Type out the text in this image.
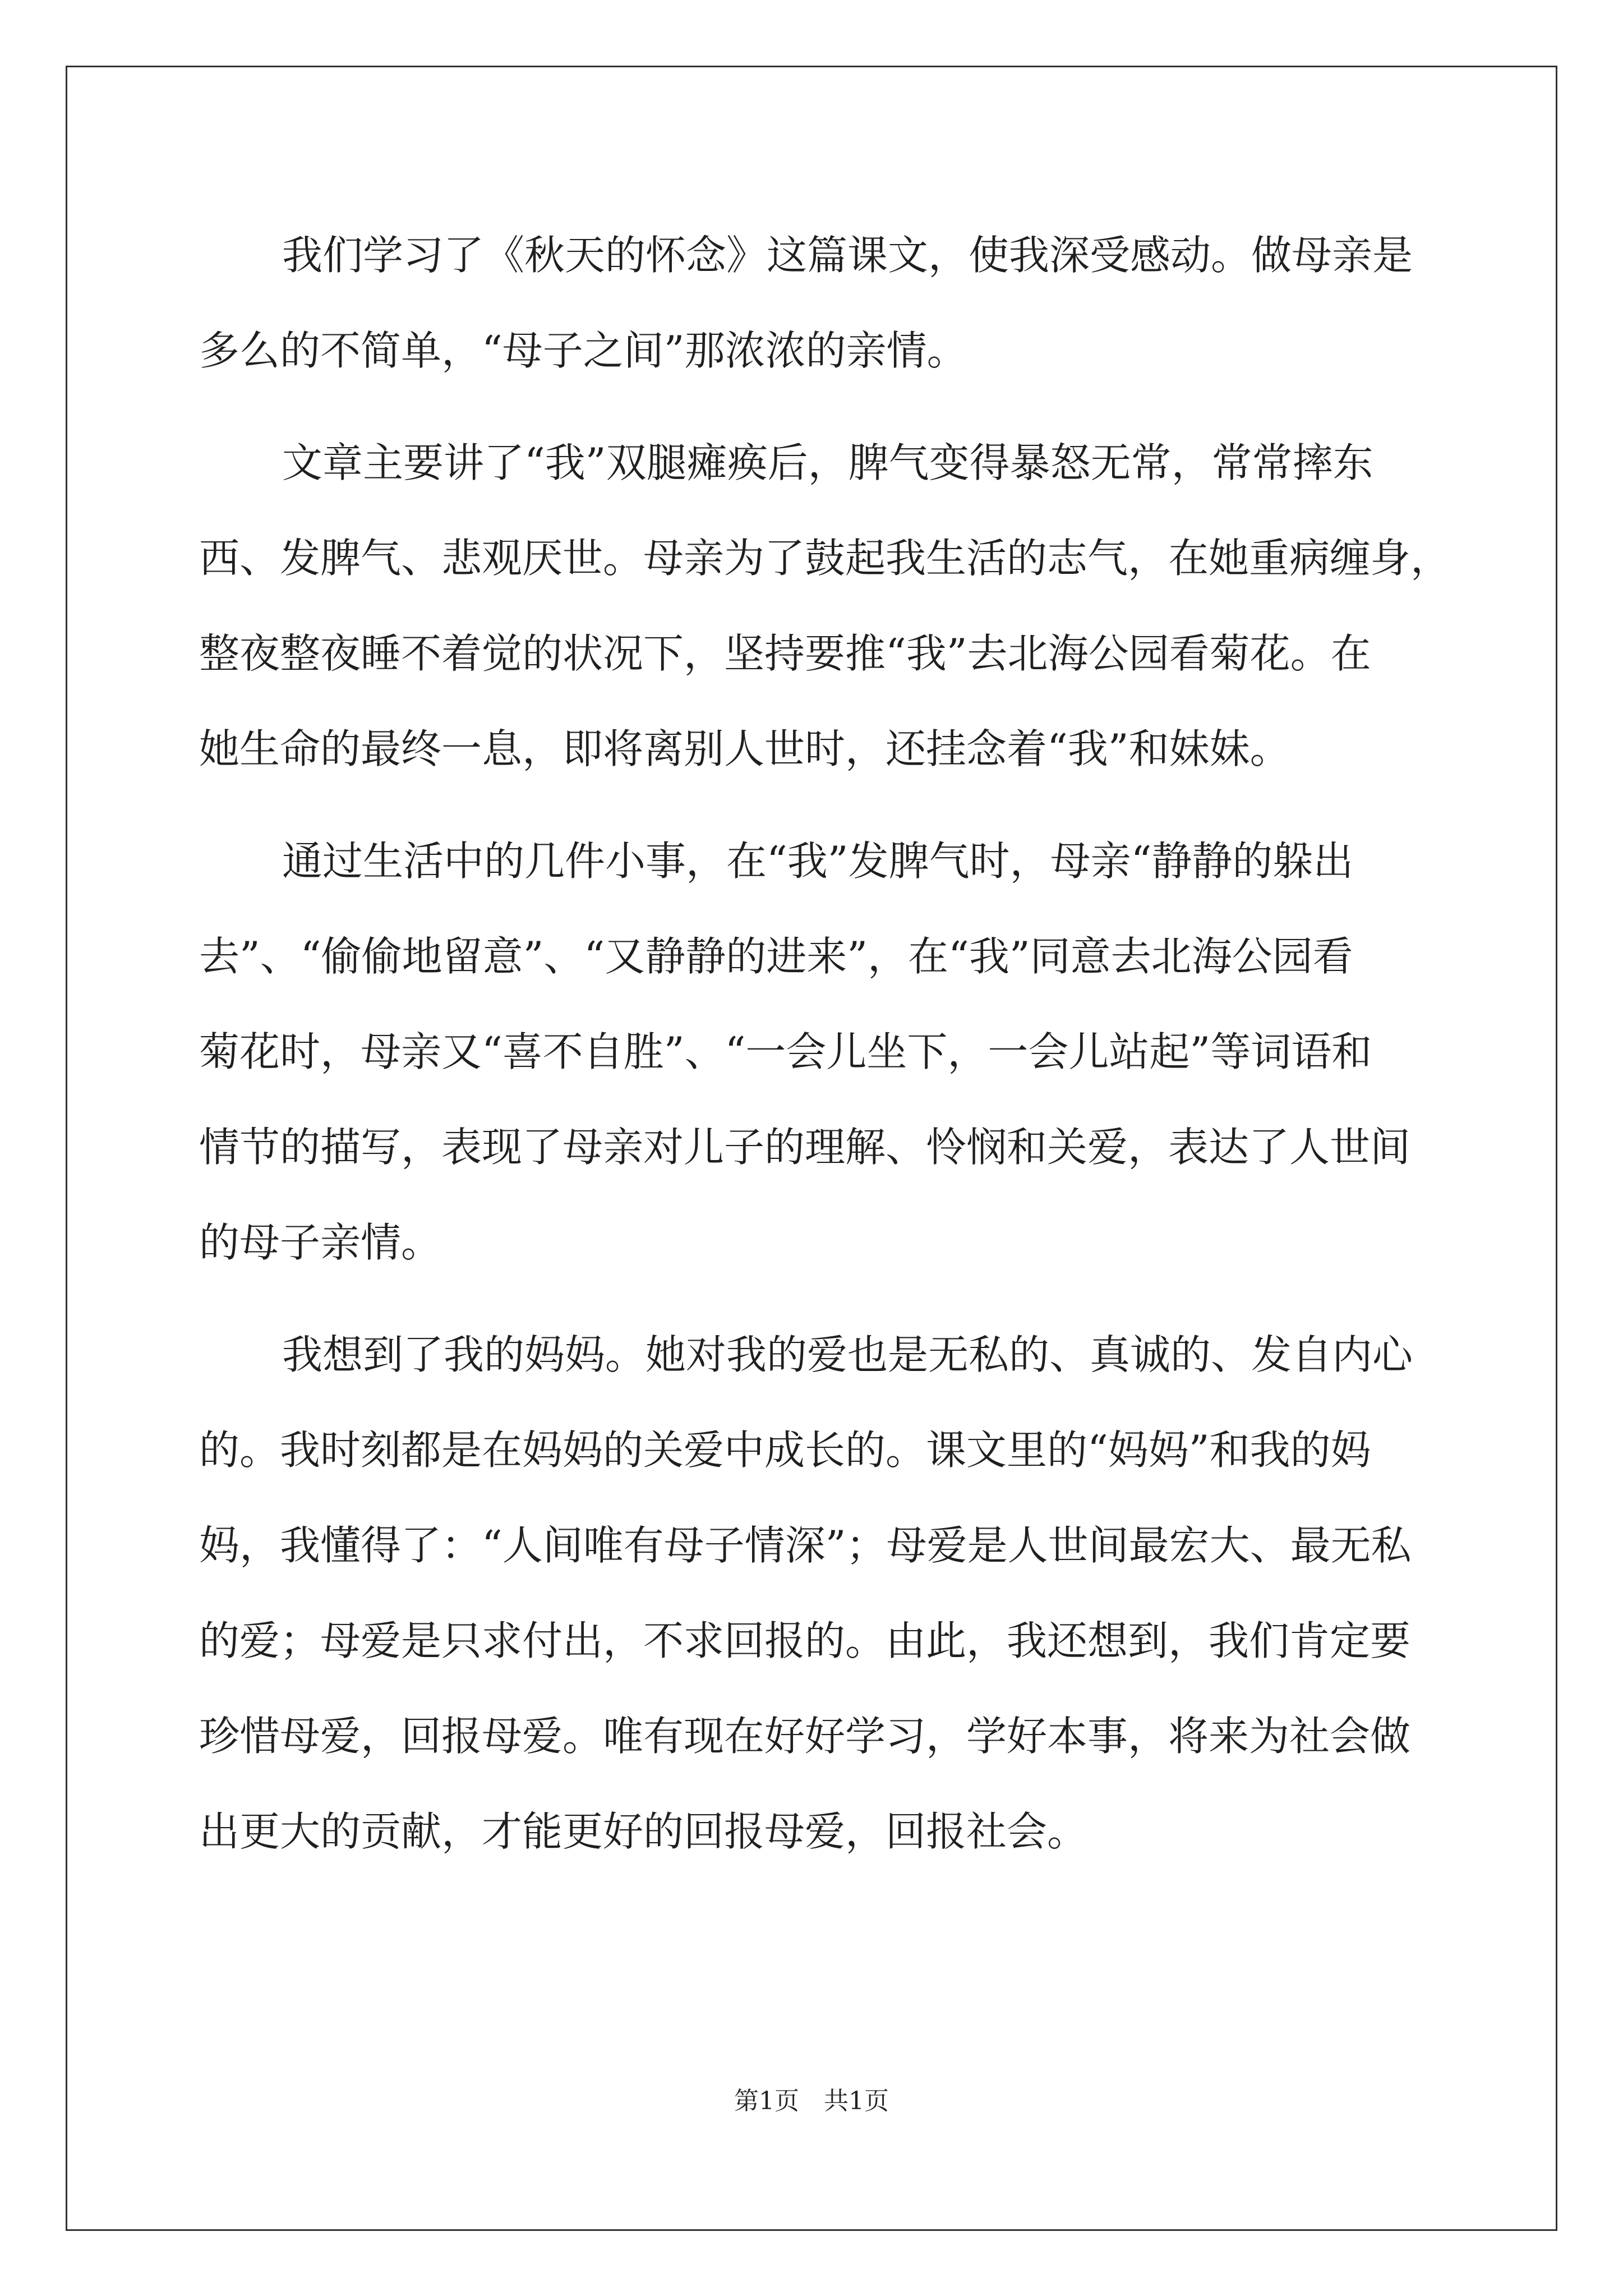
我们学习了《秋天的怀念》这篇课文，使我深受感动。做母亲是
多么的不简单，“母子之间”那浓浓的亲情。
文章主要讲了“我”双腿瘫痪后，脾气变得暴怒无常，常常摔东
西、发脾气、悲观厌世。母亲为了鼓起我生活的志气，在她重病缠身，
整夜整夜睡不着觉的状况下，坚持要推“我”去北海公园看菊花。在
她生命的最终一息，即将离别人世时，还挂念着“我”和妹妹。
通过生活中的几件小事，在“我”发脾气时，母亲“静静的躲出
去”、“偷偷地留意”、“又静静的进来”，在“我”同意去北海公园看
菊花时，母亲又“喜不自胜”、“一会儿坐下，一会儿站起”等词语和
情节的描写，表现了母亲对儿子的理解、怜悯和关爱，表达了人世间
的母子亲情。
我想到了我的妈妈。她对我的爱也是无私的、真诚的、发自内心
的。我时刻都是在妈妈的关爱中成长的。课文里的“妈妈”和我的妈
妈，我懂得了：“人间唯有母子情深”；母爱是人世间最宏大、最无私
的爱；母爱是只求付出，不求回报的。由此，我还想到，我们肯定要
珍惜母爱，回报母爱。唯有现在好好学习，学好本事，将来为社会做
出更大的贡献，才能更好的回报母爱，回报社会。
第1页　共1页
